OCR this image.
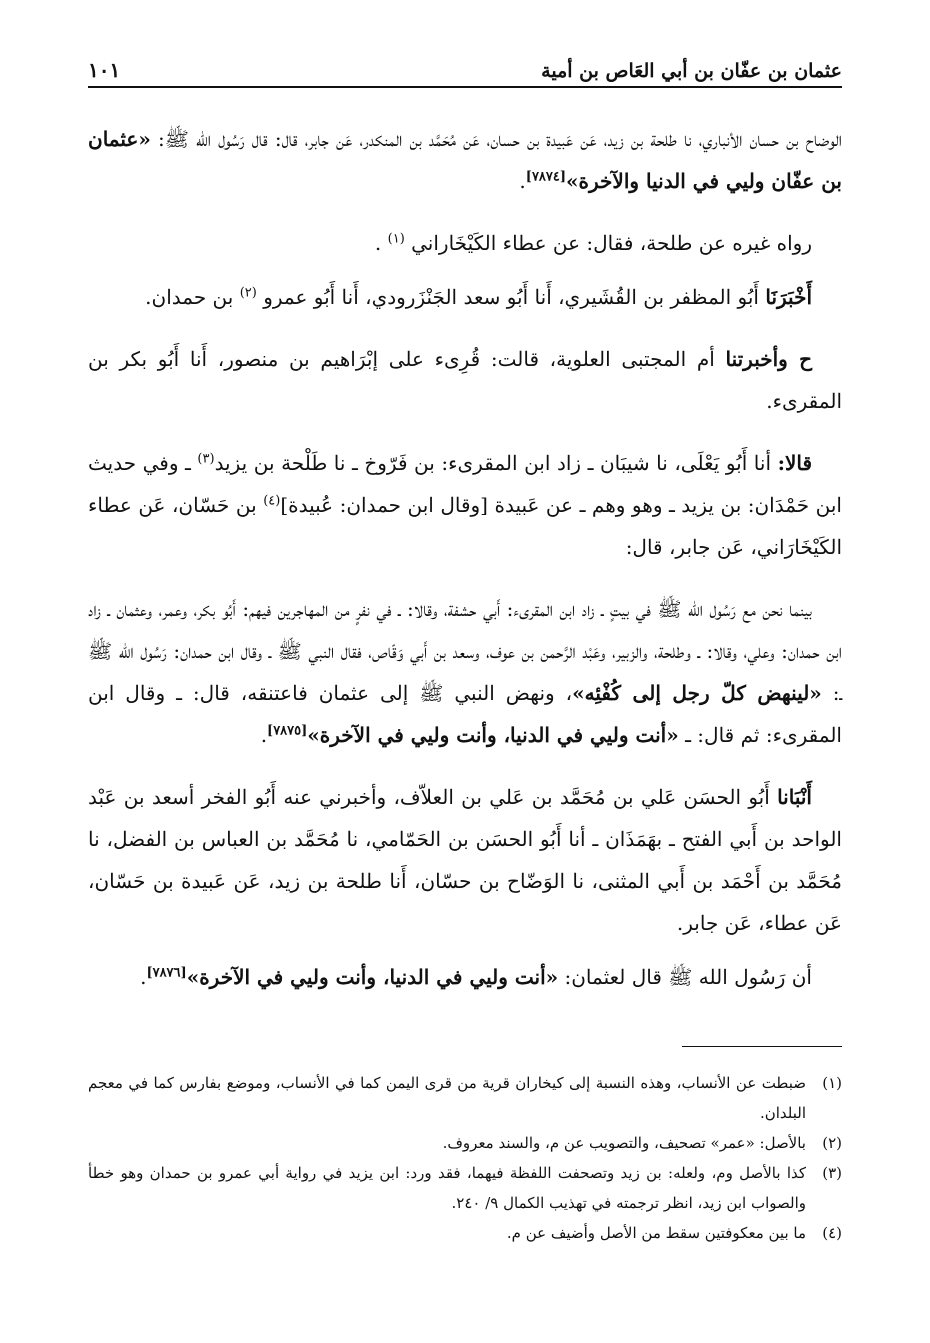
عثمان بن عفّان بن أبي العَاص بن أمية
١٠١

الوضاح بن حسان الأنباري، نا طلحة بن زيد، عَن عَبيدة بن حسان، عَن مُحَمَّد بن المنكدر، عَن جابر، قال: قال رَسُول الله ﷺ: «عثمان بن عفّان وليي في الدنيا والآخرة»[٧٨٧٤].

رواه غيره عن طلحة، فقال: عن عطاء الكَيْخَاراني $^{(١)}$ .

أَخْبَرَنَا أَبُو المظفر بن القُشَيري، أَنا أَبُو سعد الجَنْزَرودي، أَنا أَبُو عمرو $^{(٢)}$ بن حمدان.

ح وأخبرتنا أم المجتبى العلوية، قالت: قُرِىء على إبْرَاهيم بن منصور، أَنا أَبُو بكر بن المقرىء.

قالا: أنا أَبُو يَعْلَى، نا شيبَان ـ زاد ابن المقرىء: بن فَرّوخ ـ نا طَلْحة بن يزيد$^{(٣)}$ ـ وفي حديث ابن حَمْدَان: بن يزيد ـ وهو وهم ـ عن عَبيدة [وقال ابن حمدان: عُبيدة]$^{(٤)}$ بن حَسّان، عَن عطاء الكَيْخَارَاني، عَن جابر، قال:

بينما نحن مع رَسُول الله ﷺ في بيتٍ ـ زاد ابن المقرىء: أَبي حشفة، وقالا: ـ في نفرٍ من المهاجرين فيهم: أَبُو بكر، وعمر، وعثمان ـ زاد ابن حمدان: وعلي، وقالا: ـ وطلحة، والزبير، وعَبْد الرَّحمن بن عوف، وسعد بن أَبي وَقّاص، فقال النبي ﷺ ـ وقال ابن حمدان: رَسُول الله ﷺ ـ: «لينهض كلّ رجل إلى كُفْئِه»، ونهض النبي ﷺ إلى عثمان فاعتنقه، قال: ـ وقال ابن المقرىء: ثم قال: ـ «أنت وليي في الدنيا، وأنت وليي في الآخرة»[٧٨٧٥].

أَنْبَانا أَبُو الحسَن عَلي بن مُحَمَّد بن عَلي بن العلاّف، وأخبرني عنه أَبُو الفخر أسعد بن عَبْد الواحد بن أَبي الفتح ـ بهَمَذَان ـ أنا أَبُو الحسَن بن الحَمّامي، نا مُحَمَّد بن العباس بن الفضل، نا مُحَمَّد بن أَحْمَد بن أَبي المثنى، نا الوَضّاح بن حسّان، أَنا طلحة بن زيد، عَن عَبيدة بن حَسّان، عَن عطاء، عَن جابر.

أن رَسُول الله ﷺ قال لعثمان: «أنت وليي في الدنيا، وأنت وليي في الآخرة»[٧٨٧٦].

(١)
ضبطت عن الأنساب، وهذه النسبة إلى كيخاران قرية من قرى اليمن كما في الأنساب، وموضع بفارس كما في معجم البلدان.
(٢)
بالأصل: «عمر» تصحيف، والتصويب عن م، والسند معروف.
(٣)
كذا بالأصل وم، ولعله: بن زيد وتصحفت اللفظة فيهما، فقد ورد: ابن يزيد في رواية أبي عمرو بن حمدان وهو خطأ والصواب ابن زيد، انظر ترجمته في تهذيب الكمال ٩/ ٢٤٠.
(٤)
ما بين معكوفتين سقط من الأصل وأضيف عن م.
